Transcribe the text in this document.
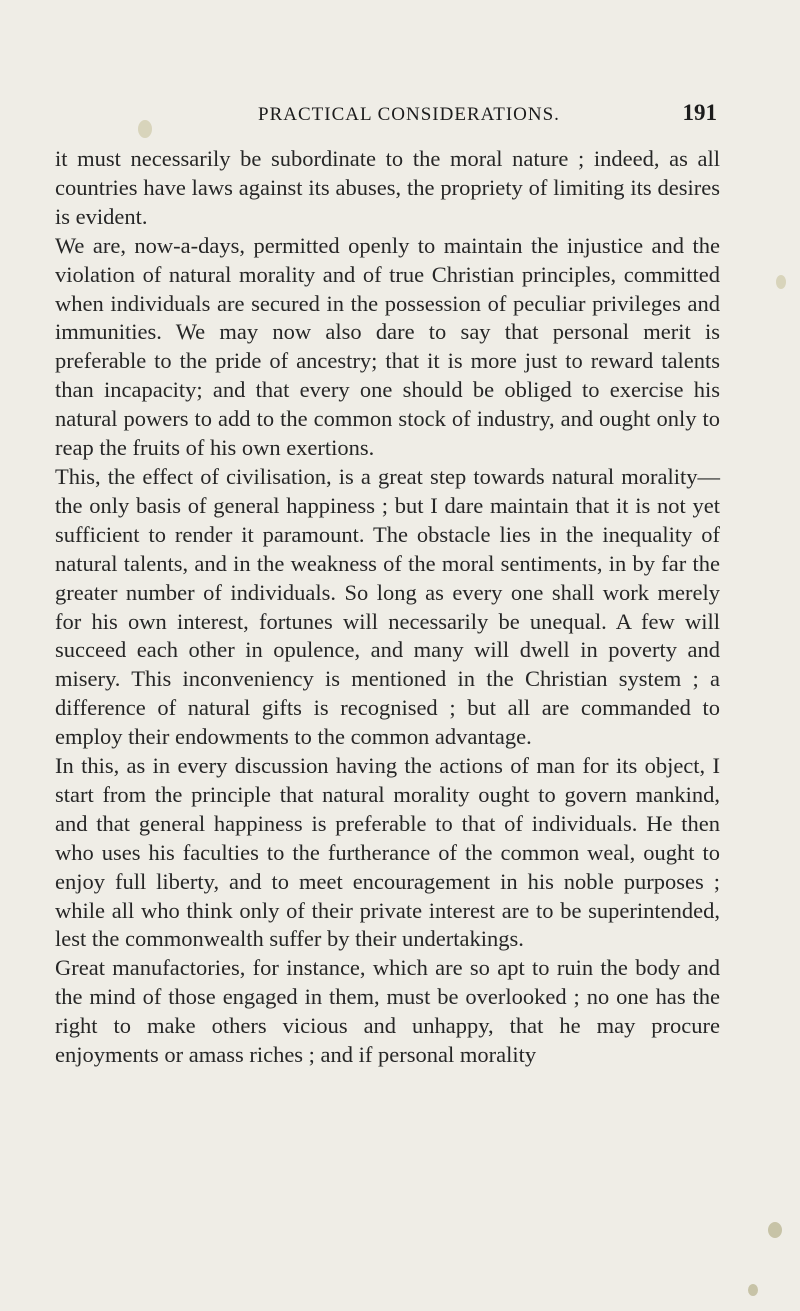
PRACTICAL CONSIDERATIONS.	191

it must necessarily be subordinate to the moral nature ; indeed, as all countries have laws against its abuses, the propriety of limiting its desires is evident.

We are, now-a-days, permitted openly to maintain the injustice and the violation of natural morality and of true Christian principles, committed when individuals are secured in the possession of peculiar privileges and immunities. We may now also dare to say that personal merit is preferable to the pride of ancestry; that it is more just to reward talents than incapacity; and that every one should be obliged to exercise his natural powers to add to the common stock of industry, and ought only to reap the fruits of his own exertions.

This, the effect of civilisation, is a great step towards natural morality—the only basis of general happiness ; but I dare maintain that it is not yet sufficient to render it paramount. The obstacle lies in the inequality of natural talents, and in the weakness of the moral sentiments, in by far the greater number of individuals. So long as every one shall work merely for his own interest, fortunes will necessarily be unequal. A few will succeed each other in opulence, and many will dwell in poverty and misery. This inconveniency is mentioned in the Christian system ; a difference of natural gifts is recognised ; but all are commanded to employ their endowments to the common advantage.

In this, as in every discussion having the actions of man for its object, I start from the principle that natural morality ought to govern mankind, and that general happiness is preferable to that of individuals. He then who uses his faculties to the furtherance of the common weal, ought to enjoy full liberty, and to meet encouragement in his noble purposes ; while all who think only of their private interest are to be superintended, lest the commonwealth suffer by their undertakings.

Great manufactories, for instance, which are so apt to ruin the body and the mind of those engaged in them, must be overlooked ; no one has the right to make others vicious and unhappy, that he may procure enjoyments or amass riches ; and if personal morality
